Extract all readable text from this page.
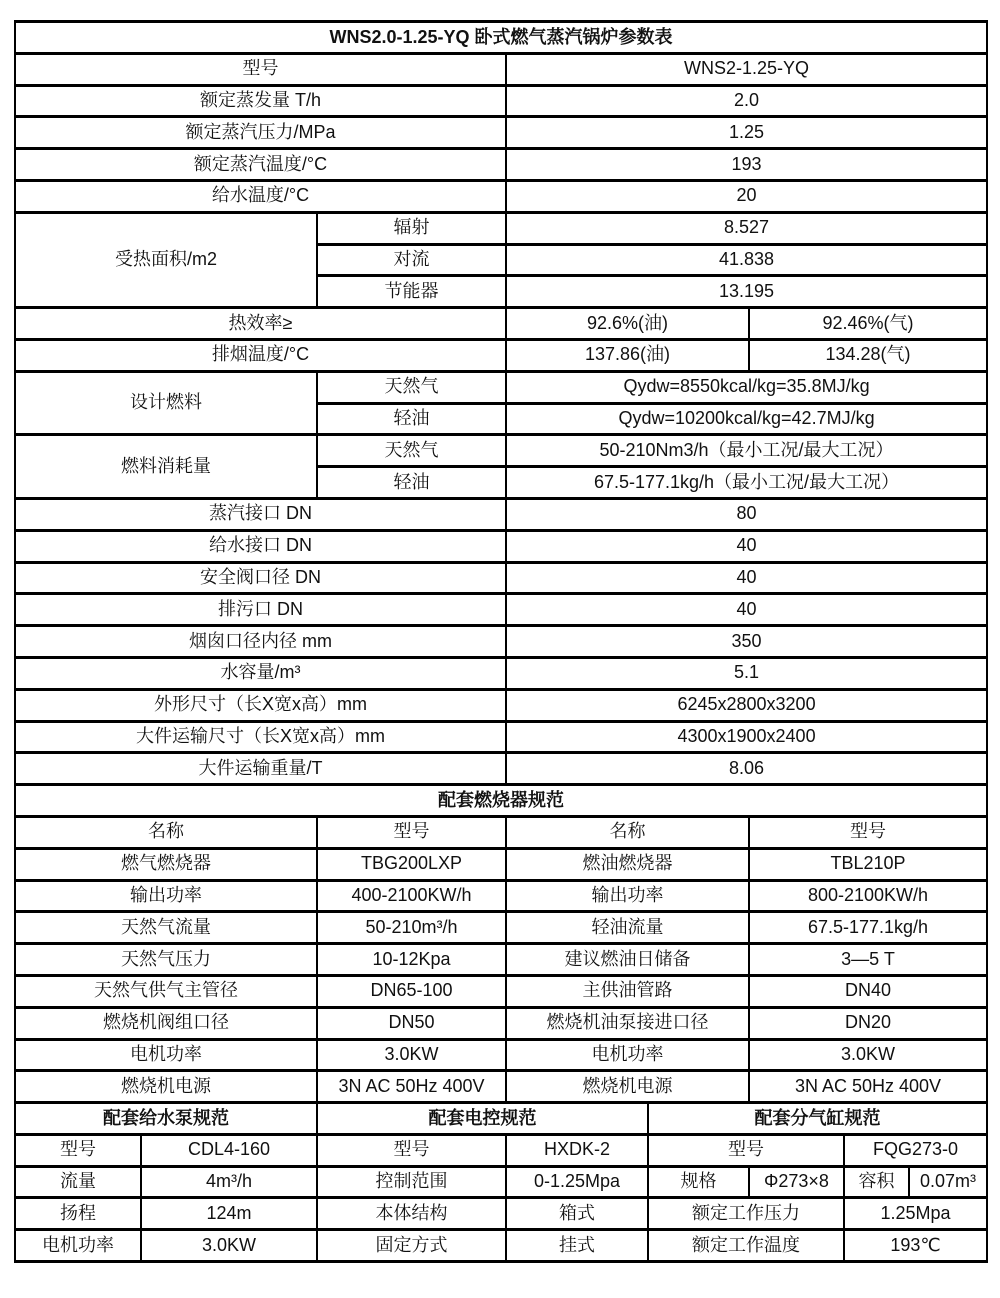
WNS2.0-1.25-YQ 卧式燃气蒸汽锅炉参数表							
型号			WNS2-1.25-YQ				
额定蒸发量 T/h			2.0				
额定蒸汽压力/MPa			1.25				
额定蒸汽温度/°C			193				
给水温度/°C			20				
受热面积/m2		辐射	8.527				
		对流	41.838				
		节能器	13.195				
热效率≥			92.6%(油)		92.46%(气)		
排烟温度/°C			137.86(油)		134.28(气)		
设计燃料		天然气	Qydw=8550kcal/kg=35.8MJ/kg				
		轻油	Qydw=10200kcal/kg=42.7MJ/kg				
燃料消耗量		天然气	50-210Nm3/h（最小工况/最大工况）				
		轻油	67.5-177.1kg/h（最小工况/最大工况）				
蒸汽接口 DN			80				
给水接口 DN			40				
安全阀口径 DN			40				
排污口 DN			40				
烟囱口径内径 mm			350				
水容量/m³			5.1				
外形尺寸（长X宽x高）mm			6245x2800x3200				
大件运输尺寸（长X宽x高）mm			4300x1900x2400				
大件运输重量/T			8.06				
配套燃烧器规范							
名称		型号	名称		型号		
燃气燃烧器		TBG200LXP	燃油燃烧器		TBL210P		
输出功率		400-2100KW/h	输出功率		800-2100KW/h		
天然气流量		50-210m³/h	轻油流量		67.5-177.1kg/h		
天然气压力		10-12Kpa	建议燃油日储备		3—5 T		
天然气供气主管径		DN65-100	主供油管路		DN40		
燃烧机阀组口径		DN50	燃烧机油泵接进口径		DN20		
电机功率		3.0KW	电机功率		3.0KW		
燃烧机电源		3N AC 50Hz 400V	燃烧机电源		3N AC 50Hz 400V		
配套给水泵规范		配套电控规范		配套分气缸规范			
型号	CDL4-160	型号	HXDK-2	型号		FQG273-0	
流量	4m³/h	控制范围	0-1.25Mpa	规格	Φ273×8	容积	0.07m³
扬程	124m	本体结构	箱式	额定工作压力		1.25Mpa	
电机功率	3.0KW	固定方式	挂式	额定工作温度		193℃	
